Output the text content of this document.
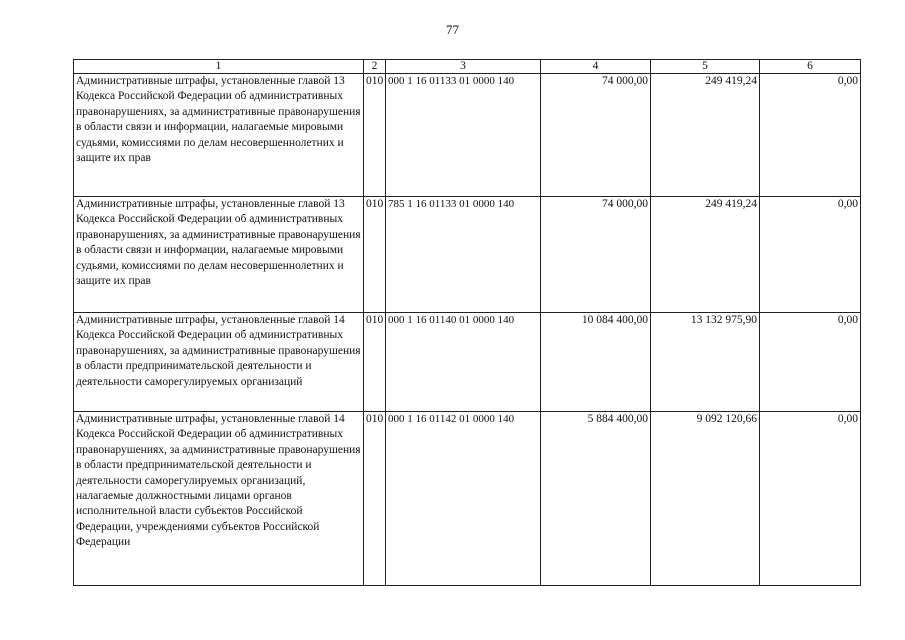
77
1	2	3	4	5	6
Административные штрафы, установленные главой 13 Кодекса Российской Федерации об административных правонарушениях, за административные правонарушения в области связи и информации, налагаемые мировыми судьями, комиссиями по делам несовершеннолетних и защите их прав	010	000 1 16 01133 01 0000 140	74 000,00	249 419,24	0,00
Административные штрафы, установленные главой 13 Кодекса Российской Федерации об административных правонарушениях, за административные правонарушения в области связи и информации, налагаемые мировыми судьями, комиссиями по делам несовершеннолетних и защите их прав	010	785 1 16 01133 01 0000 140	74 000,00	249 419,24	0,00
Административные штрафы, установленные главой 14 Кодекса Российской Федерации об административных правонарушениях, за административные правонарушения в области предпринимательской деятельности и деятельности саморегулируемых организаций	010	000 1 16 01140 01 0000 140	10 084 400,00	13 132 975,90	0,00
Административные штрафы, установленные главой 14 Кодекса Российской Федерации об административных правонарушениях, за административные правонарушения в области предпринимательской деятельности и деятельности саморегулируемых организаций, налагаемые должностными лицами органов исполнительной власти субъектов Российской Федерации, учреждениями субъектов Российской Федерации	010	000 1 16 01142 01 0000 140	5 884 400,00	9 092 120,66	0,00
